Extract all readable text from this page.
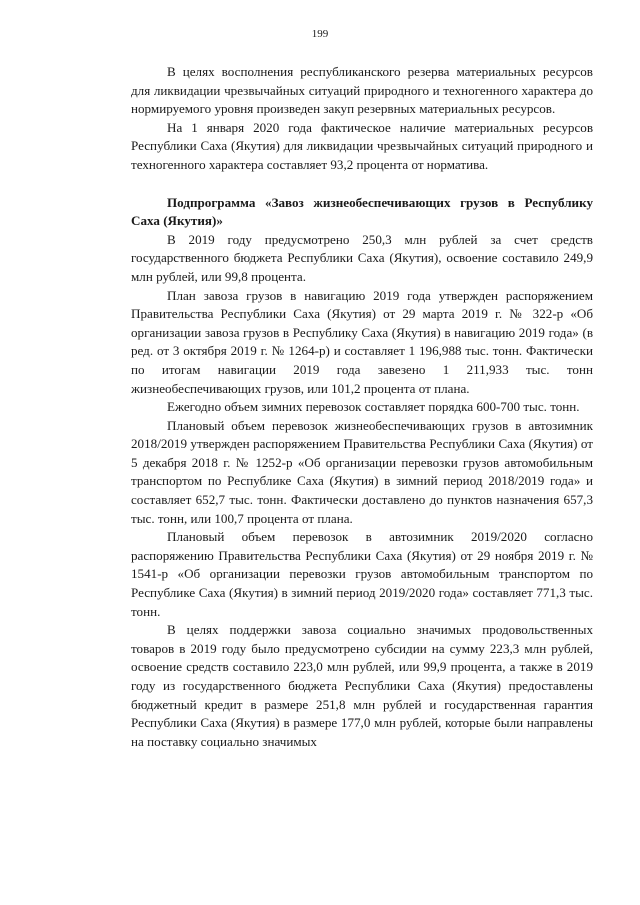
199

В целях восполнения республиканского резерва материальных ресурсов для ликвидации чрезвычайных ситуаций природного и техногенного характера до нормируемого уровня произведен закуп резервных материальных ресурсов.

На 1 января 2020 года фактическое наличие материальных ресурсов Республики Саха (Якутия) для ликвидации чрезвычайных ситуаций природного и техногенного характера составляет 93,2 процента от норматива.

Подпрограмма «Завоз жизнеобеспечивающих грузов в Республику Саха (Якутия)»

В 2019 году предусмотрено 250,3 млн рублей за счет средств государственного бюджета Республики Саха (Якутия), освоение составило 249,9 млн рублей, или 99,8 процента.

План завоза грузов в навигацию 2019 года утвержден распоряжением Правительства Республики Саха (Якутия) от 29 марта 2019 г. № 322-р «Об организации завоза грузов в Республику Саха (Якутия) в навигацию 2019 года» (в ред. от 3 октября 2019 г. № 1264-р) и составляет 1 196,988 тыс. тонн. Фактически по итогам навигации 2019 года завезено 1 211,933 тыс. тонн жизнеобеспечивающих грузов, или 101,2 процента от плана.

Ежегодно объем зимних перевозок составляет порядка 600-700 тыс. тонн.

Плановый объем перевозок жизнеобеспечивающих грузов в автозимник 2018/2019 утвержден распоряжением Правительства Республики Саха (Якутия) от 5 декабря 2018 г. № 1252-р «Об организации перевозки грузов автомобильным транспортом по Республике Саха (Якутия) в зимний период 2018/2019 года» и составляет 652,7 тыс. тонн. Фактически доставлено до пунктов назначения 657,3 тыс. тонн, или 100,7 процента от плана.

Плановый объем перевозок в автозимник 2019/2020 согласно распоряжению Правительства Республики Саха (Якутия) от 29 ноября 2019 г. № 1541-р «Об организации перевозки грузов автомобильным транспортом по Республике Саха (Якутия) в зимний период 2019/2020 года» составляет 771,3 тыс. тонн.

В целях поддержки завоза социально значимых продовольственных товаров в 2019 году было предусмотрено субсидии на сумму 223,3 млн рублей, освоение средств составило 223,0 млн рублей, или 99,9 процента, а также в 2019 году из государственного бюджета Республики Саха (Якутия) предоставлены бюджетный кредит в размере 251,8 млн рублей и государственная гарантия Республики Саха (Якутия) в размере 177,0 млн рублей, которые были направлены на поставку социально значимых
